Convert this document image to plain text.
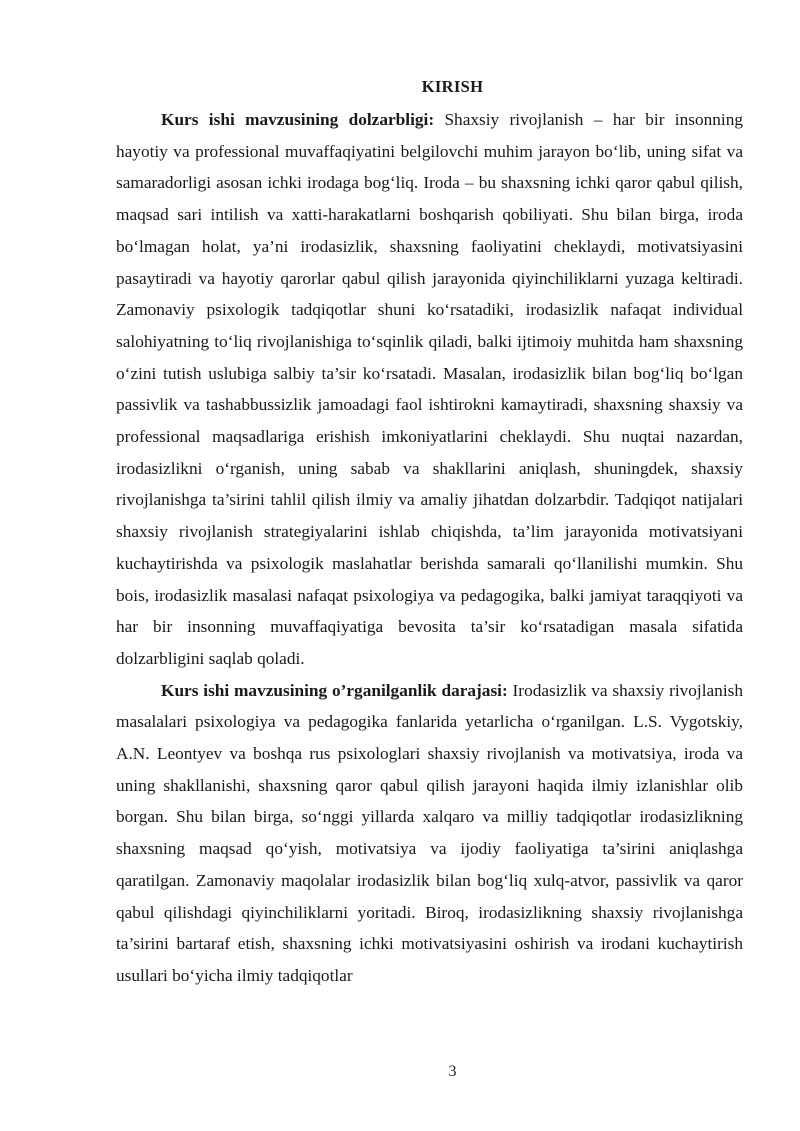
KIRISH

Kurs ishi mavzusining dolzarbligi: Shaxsiy rivojlanish – har bir insonning hayotiy va professional muvaffaqiyatini belgilovchi muhim jarayon bo‘lib, uning sifat va samaradorligi asosan ichki irodaga bog‘liq. Iroda – bu shaxsning ichki qaror qabul qilish, maqsad sari intilish va xatti-harakatlarni boshqarish qobiliyati. Shu bilan birga, iroda bo‘lmagan holat, ya’ni irodasizlik, shaxsning faoliyatini cheklaydi, motivatsiyasini pasaytiradi va hayotiy qarorlar qabul qilish jarayonida qiyinchiliklarni yuzaga keltiradi. Zamonaviy psixologik tadqiqotlar shuni ko‘rsatadiki, irodasizlik nafaqat individual salohiyatning to‘liq rivojlanishiga to‘sqinlik qiladi, balki ijtimoiy muhitda ham shaxsning o‘zini tutish uslubiga salbiy ta’sir ko‘rsatadi. Masalan, irodasizlik bilan bog‘liq bo‘lgan passivlik va tashabbussizlik jamoadagi faol ishtirokni kamaytiradi, shaxsning shaxsiy va professional maqsadlariga erishish imkoniyatlarini cheklaydi. Shu nuqtai nazardan, irodasizlikni o‘rganish, uning sabab va shakllarini aniqlash, shuningdek, shaxsiy rivojlanishga ta’sirini tahlil qilish ilmiy va amaliy jihatdan dolzarbdir. Tadqiqot natijalari shaxsiy rivojlanish strategiyalarini ishlab chiqishda, ta’lim jarayonida motivatsiyani kuchaytirishda va psixologik maslahatlar berishda samarali qo‘llanilishi mumkin. Shu bois, irodasizlik masalasi nafaqat psixologiya va pedagogika, balki jamiyat taraqqiyoti va har bir insonning muvaffaqiyatiga bevosita ta’sir ko‘rsatadigan masala sifatida dolzarbligini saqlab qoladi.

Kurs ishi mavzusining o’rganilganlik darajasi: Irodasizlik va shaxsiy rivojlanish masalalari psixologiya va pedagogika fanlarida yetarlicha o‘rganilgan. L.S. Vygotskiy, A.N. Leontyev va boshqa rus psixologlari shaxsiy rivojlanish va motivatsiya, iroda va uning shakllanishi, shaxsning qaror qabul qilish jarayoni haqida ilmiy izlanishlar olib borgan. Shu bilan birga, so‘nggi yillarda xalqaro va milliy tadqiqotlar irodasizlikning shaxsning maqsad qo‘yish, motivatsiya va ijodiy faoliyatiga ta’sirini aniqlashga qaratilgan. Zamonaviy maqolalar irodasizlik bilan bog‘liq xulq-atvor, passivlik va qaror qabul qilishdagi qiyinchiliklarni yoritadi. Biroq, irodasizlikning shaxsiy rivojlanishga ta’sirini bartaraf etish, shaxsning ichki motivatsiyasini oshirish va irodani kuchaytirish usullari bo‘yicha ilmiy tadqiqotlar

3
